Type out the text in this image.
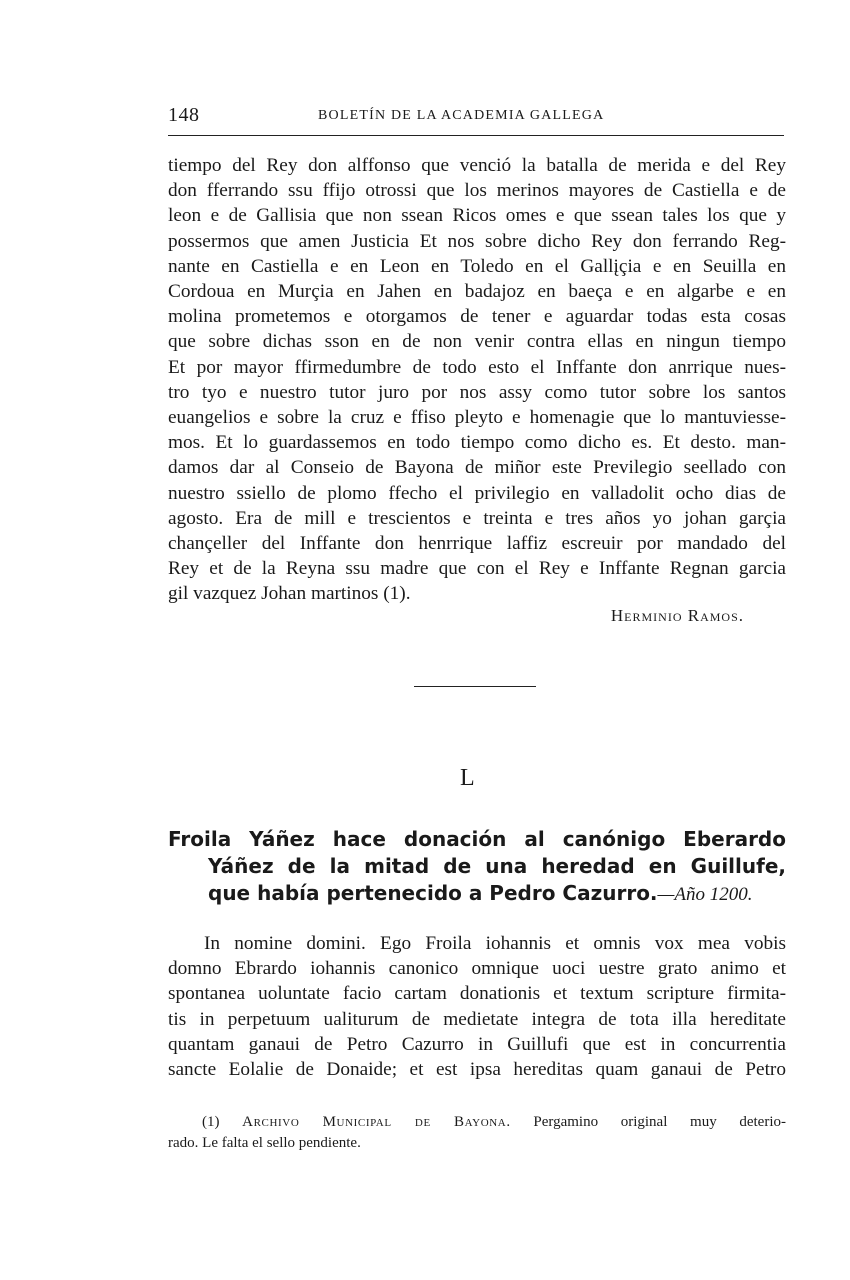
148	BOLETÍN DE LA ACADEMIA GALLEGA
tiempo del Rey don alffonso que venció la batalla de merida e del Rey
don fferrando ssu ffijo otrossi que los merinos mayores de Castiella e de
leon e de Gallisia que non ssean Ricos omes e que ssean tales los que y
possermos que amen Justicia Et nos sobre dicho Rey don ferrando Reg-
nante en Castiella e en Leon en Toledo en el Gallįçia e en Seuilla en
Cordoua en Murçia en Jahen en badajoz en baeça e en algarbe e en
molina prometemos e otorgamos de tener e aguardar todas esta cosas
que sobre dichas sson en de non venir contra ellas en ningun tiempo
Et por mayor ffirmedumbre de todo esto el Inffante don anrrique nues-
tro tyo e nuestro tutor juro por nos assy como tutor sobre los santos
euangelios e sobre la cruz e ffiso pleyto e homenagie que lo mantuviesse-
mos. Et lo guardassemos en todo tiempo como dicho es. Et desto. man-
damos dar al Conseio de Bayona de miñor este Previlegio seellado con
nuestro ssiello de plomo ffecho el privilegio en valladolit ocho dias de
agosto. Era de mill e trescientos e treinta e tres años yo johan garçia
chançeller del Inffante don henrrique laffiz escreuir por mandado del
Rey et de la Reyna ssu madre que con el Rey e Inffante Regnan garcia
gil vazquez Johan martinos (1).
Herminio Ramos.
L
Froila Yáñez hace donación al canónigo Eberardo
Yáñez de la mitad de una heredad en Guillufe,
que había pertenecido a Pedro Cazurro.—Año 1200.
In nomine domini. Ego Froila iohannis et omnis vox mea vobis
domno Ebrardo iohannis canonico omnique uoci uestre grato animo et
spontanea uoluntate facio cartam donationis et textum scripture firmita-
tis in perpetuum ualiturum de medietate integra de tota illa hereditate
quantam ganaui de Petro Cazurro in Guillufi que est in concurrentia
sancte Eolalie de Donaide; et est ipsa hereditas quam ganaui de Petro
(1) Archivo Municipal de Bayona. Pergamino original muy deterio-
rado. Le falta el sello pendiente.
